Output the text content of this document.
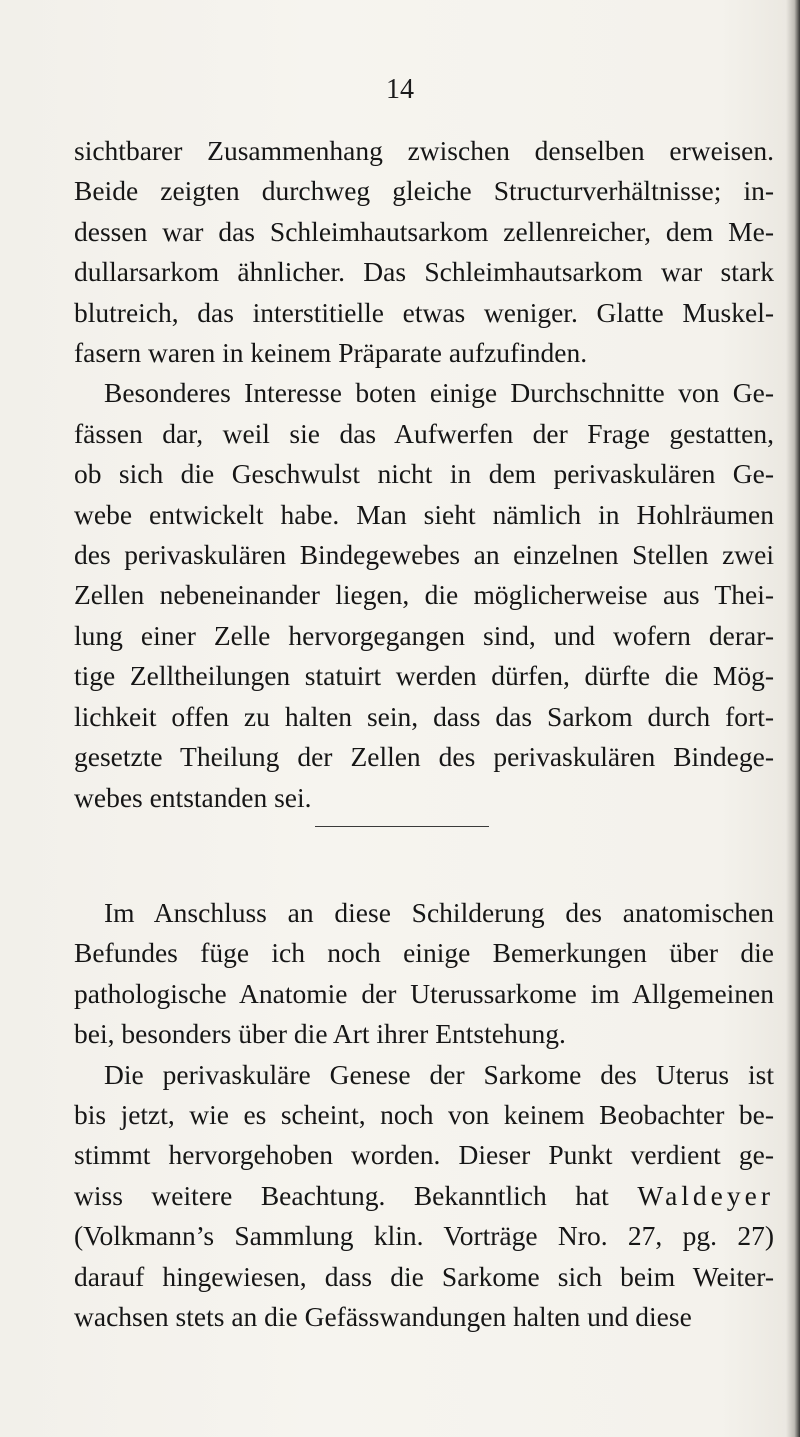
14

sichtbarer Zusammenhang zwischen denselben erweisen.
Beide zeigten durchweg gleiche Structurverhältnisse; in-
dessen war das Schleimhautsarkom zellenreicher, dem Me-
dullarsarkom ähnlicher. Das Schleimhautsarkom war stark
blutreich, das interstitielle etwas weniger. Glatte Muskel-
fasern waren in keinem Präparate aufzufinden.
Besonderes Interesse boten einige Durchschnitte von Ge-
fässen dar, weil sie das Aufwerfen der Frage gestatten,
ob sich die Geschwulst nicht in dem perivaskulären Ge-
webe entwickelt habe. Man sieht nämlich in Hohlräumen
des perivaskulären Bindegewebes an einzelnen Stellen zwei
Zellen nebeneinander liegen, die möglicherweise aus Thei-
lung einer Zelle hervorgegangen sind, und wofern derar-
tige Zelltheilungen statuirt werden dürfen, dürfte die Mög-
lichkeit offen zu halten sein, dass das Sarkom durch fort-
gesetzte Theilung der Zellen des perivaskulären Bindege-
webes entstanden sei.
Im Anschluss an diese Schilderung des anatomischen
Befundes füge ich noch einige Bemerkungen über die
pathologische Anatomie der Uterussarkome im Allgemeinen
bei, besonders über die Art ihrer Entstehung.
Die perivaskuläre Genese der Sarkome des Uterus ist
bis jetzt, wie es scheint, noch von keinem Beobachter be-
stimmt hervorgehoben worden. Dieser Punkt verdient ge-
wiss weitere Beachtung. Bekanntlich hat Waldeyer
(Volkmann’s Sammlung klin. Vorträge Nro. 27, pg. 27)
darauf hingewiesen, dass die Sarkome sich beim Weiter-
wachsen stets an die Gefässwandungen halten und diese
